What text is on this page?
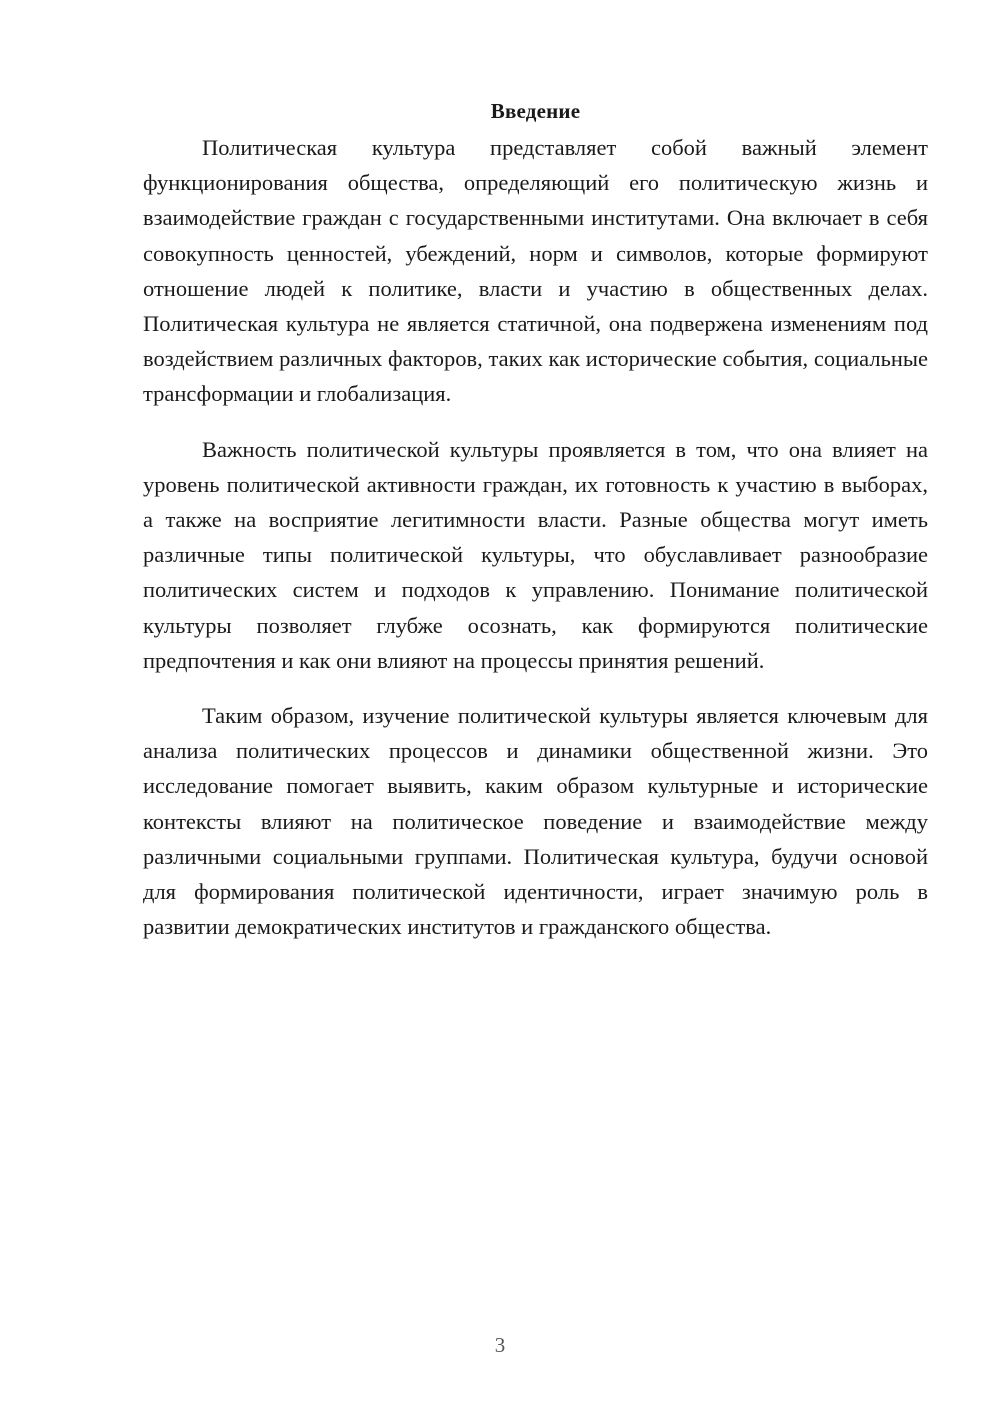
Введение

Политическая культура представляет собой важный элемент функционирования общества, определяющий его политическую жизнь и взаимодействие граждан с государственными институтами. Она включает в себя совокупность ценностей, убеждений, норм и символов, которые формируют отношение людей к политике, власти и участию в общественных делах. Политическая культура не является статичной, она подвержена изменениям под воздействием различных факторов, таких как исторические события, социальные трансформации и глобализация.

Важность политической культуры проявляется в том, что она влияет на уровень политической активности граждан, их готовность к участию в выборах, а также на восприятие легитимности власти. Разные общества могут иметь различные типы политической культуры, что обуславливает разнообразие политических систем и подходов к управлению. Понимание политической культуры позволяет глубже осознать, как формируются политические предпочтения и как они влияют на процессы принятия решений.

Таким образом, изучение политической культуры является ключевым для анализа политических процессов и динамики общественной жизни. Это исследование помогает выявить, каким образом культурные и исторические контексты влияют на политическое поведение и взаимодействие между различными социальными группами. Политическая культура, будучи основой для формирования политической идентичности, играет значимую роль в развитии демократических институтов и гражданского общества.

3
